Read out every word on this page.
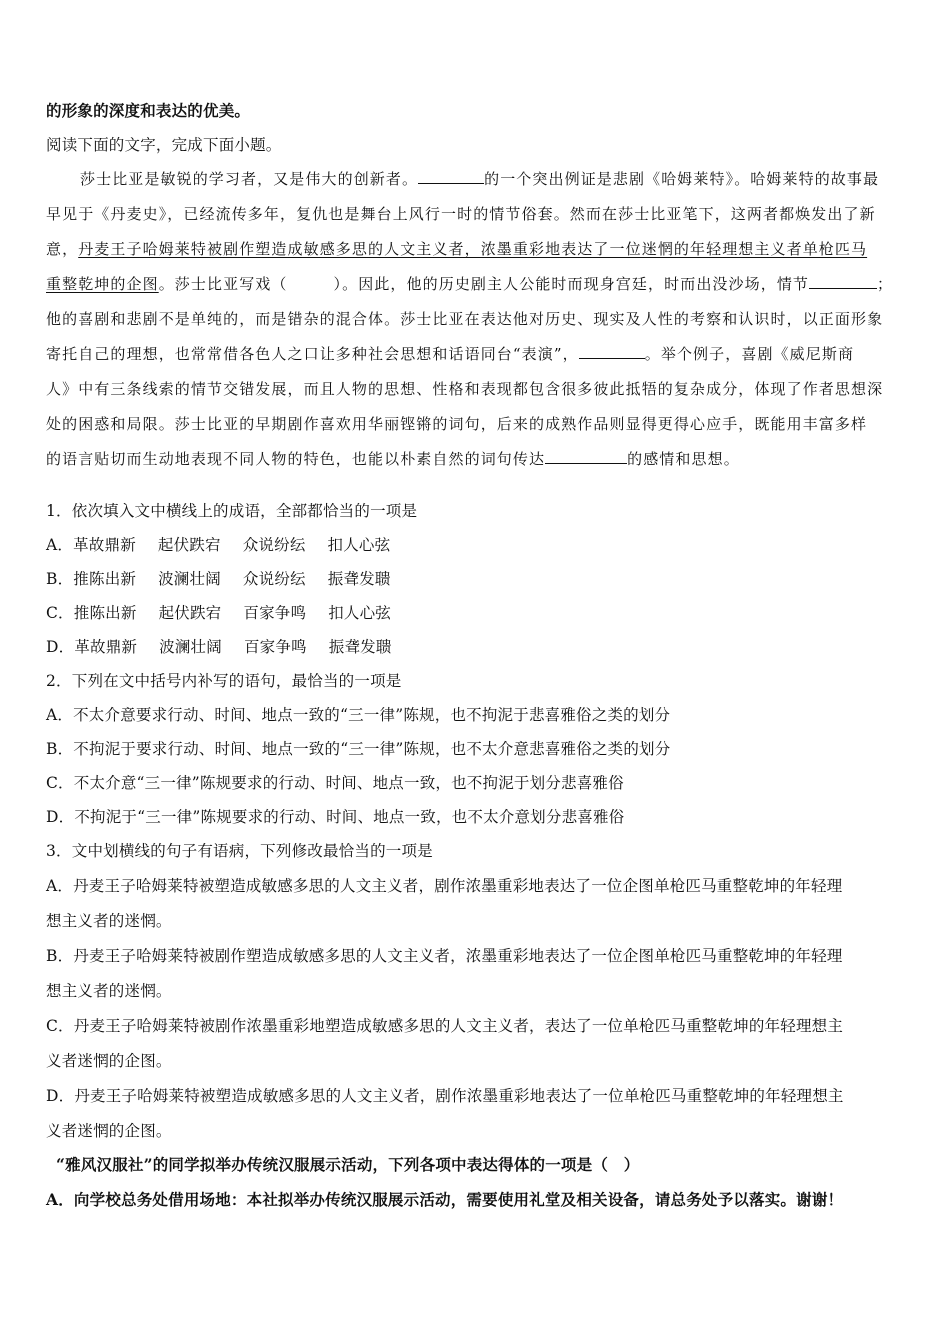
的形象的深度和表达的优美。
阅读下面的文字，完成下面小题。
莎士比亚是敏锐的学习者，又是伟大的创新者。	的一个突出例证是悲剧《哈姆莱特》。哈姆莱特的故事最
早见于《丹麦史》，已经流传多年，复仇也是舞台上风行一时的情节俗套。然而在莎士比亚笔下，这两者都焕发出了新
意，丹麦王子哈姆莱特被剧作塑造成敏感多思的人文主义者，浓墨重彩地表达了一位迷惘的年轻理想主义者单枪匹马
重整乾坤的企图。莎士比亚写戏（	）。因此，他的历史剧主人公能时而现身宫廷，时而出没沙场，情节	；
他的喜剧和悲剧不是单纯的，而是错杂的混合体。莎士比亚在表达他对历史、现实及人性的考察和认识时，以正面形象
寄托自己的理想，也常常借各色人之口让多种社会思想和话语同台“表演”，	。举个例子，喜剧《威尼斯商
人》中有三条线索的情节交错发展，而且人物的思想、性格和表现都包含很多彼此抵牾的复杂成分，体现了作者思想深
处的困惑和局限。莎士比亚的早期剧作喜欢用华丽铿锵的词句，后来的成熟作品则显得更得心应手，既能用丰富多样
的语言贴切而生动地表现不同人物的特色，也能以朴素自然的词句传达	的感情和思想。
1．依次填入文中横线上的成语，全部都恰当的一项是
A．革故鼎新 起伏跌宕 众说纷纭 扣人心弦
B．推陈出新 波澜壮阔 众说纷纭 振聋发聩
C．推陈出新 起伏跌宕 百家争鸣 扣人心弦
D．革故鼎新 波澜壮阔 百家争鸣 振聋发聩
2．下列在文中括号内补写的语句，最恰当的一项是
A．不太介意要求行动、时间、地点一致的“三一律”陈规，也不拘泥于悲喜雅俗之类的划分
B．不拘泥于要求行动、时间、地点一致的“三一律”陈规，也不太介意悲喜雅俗之类的划分
C．不太介意“三一律”陈规要求的行动、时间、地点一致，也不拘泥于划分悲喜雅俗
D．不拘泥于“三一律”陈规要求的行动、时间、地点一致，也不太介意划分悲喜雅俗
3．文中划横线的句子有语病，下列修改最恰当的一项是
A．丹麦王子哈姆莱特被塑造成敏感多思的人文主义者，剧作浓墨重彩地表达了一位企图单枪匹马重整乾坤的年轻理
想主义者的迷惘。
B．丹麦王子哈姆莱特被剧作塑造成敏感多思的人文主义者，浓墨重彩地表达了一位企图单枪匹马重整乾坤的年轻理
想主义者的迷惘。
C．丹麦王子哈姆莱特被剧作浓墨重彩地塑造成敏感多思的人文主义者，表达了一位单枪匹马重整乾坤的年轻理想主
义者迷惘的企图。
D．丹麦王子哈姆莱特被塑造成敏感多思的人文主义者，剧作浓墨重彩地表达了一位单枪匹马重整乾坤的年轻理想主
义者迷惘的企图。
“雅风汉服社”的同学拟举办传统汉服展示活动，下列各项中表达得体的一项是（　）
A．向学校总务处借用场地：本社拟举办传统汉服展示活动，需要使用礼堂及相关设备，请总务处予以落实。谢谢！
